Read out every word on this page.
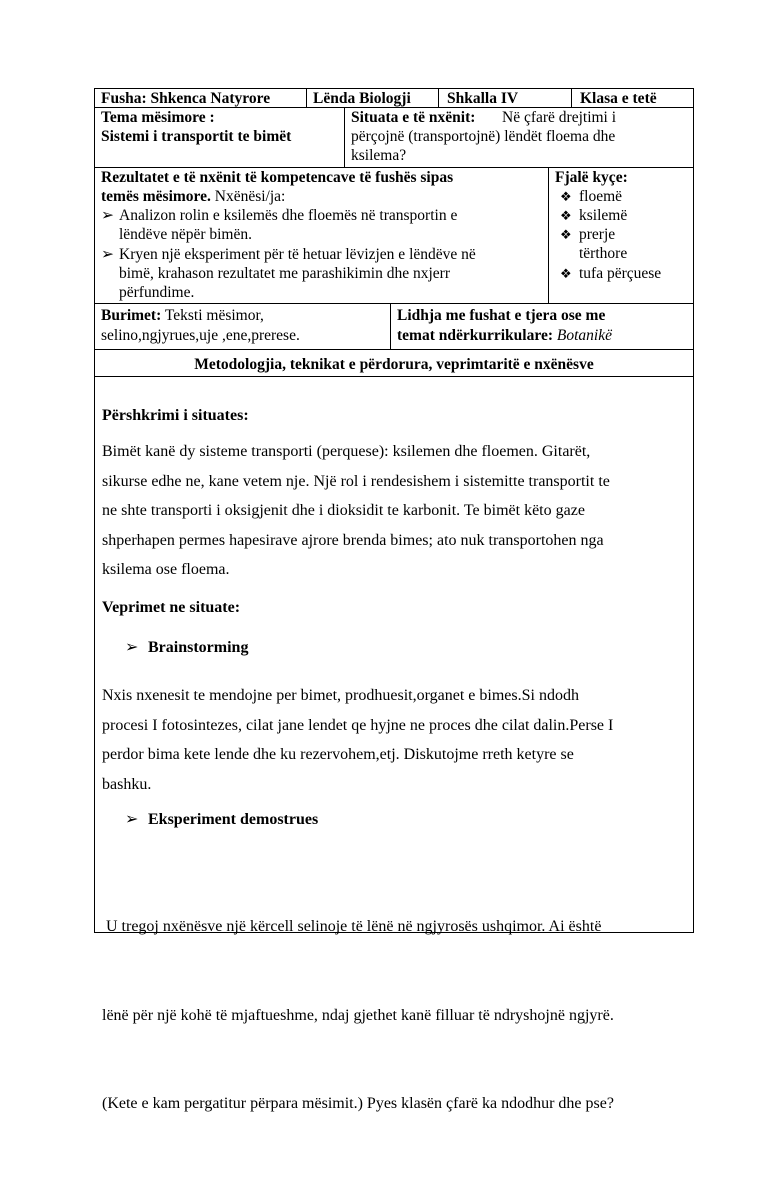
Fusha: Shkenca Natyrore	Lënda Biologji Shkalla IV	Klasa e tetë
Tema mësimore :
Sistemi i transportit te bimët
Situata e të nxënit: Në çfarë drejtimi i
përçojnë (transportojnë) lëndët floema dhe
ksilema?
Rezultatet e të nxënit të kompetencave të fushës sipas
temës mësimore. Nxënësi/ja:
➢ Analizon rolin e ksilemës dhe floemës në transportin e
lëndëve nëpër bimën.
➢ Kryen një eksperiment për të hetuar lëvizjen e lëndëve në
bimë, krahason rezultatet me parashikimin dhe nxjerr
përfundime.
Fjalë kyçe:
❖ floemë
❖ ksilemë
❖ prerje
tërthore
❖ tufa përçuese
Burimet: Teksti mësimor,
selino,ngjyrues,uje ,ene,prerese.
Lidhja me fushat e tjera ose me
temat ndërkurrikulare: Botanikë
Metodologjia, teknikat e përdorura, veprimtaritë e nxënësve
Përshkrimi i situates:
Bimët kanë dy sisteme transporti (perquese): ksilemen dhe floemen. Gitarët,
sikurse edhe ne, kane vetem nje. Një rol i rendesishem i sistemitte transportit te
ne shte transporti i oksigjenit dhe i dioksidit te karbonit. Te bimët këto gaze
shperhapen permes hapesirave ajrore brenda bimes; ato nuk transportohen nga
ksilema ose floema.
Veprimet ne situate:
➢ Brainstorming
Nxis nxenesit te mendojne per bimet, prodhuesit,organet e bimes.Si ndodh
procesi I fotosintezes, cilat jane lendet qe hyjne ne proces dhe cilat dalin.Perse I
perdor bima kete lende dhe ku rezervohem,etj. Diskutojme rreth ketyre se
bashku.
➢ Eksperiment demostrues

U tregoj nxënësve një kërcell selinoje të lënë në ngjyrosës ushqimor. Ai është

lënë për një kohë të mjaftueshme, ndaj gjethet kanë filluar të ndryshojnë ngjyrë.

(Kete e kam pergatitur përpara mësimit.) Pyes klasën çfarë ka ndodhur dhe pse?
